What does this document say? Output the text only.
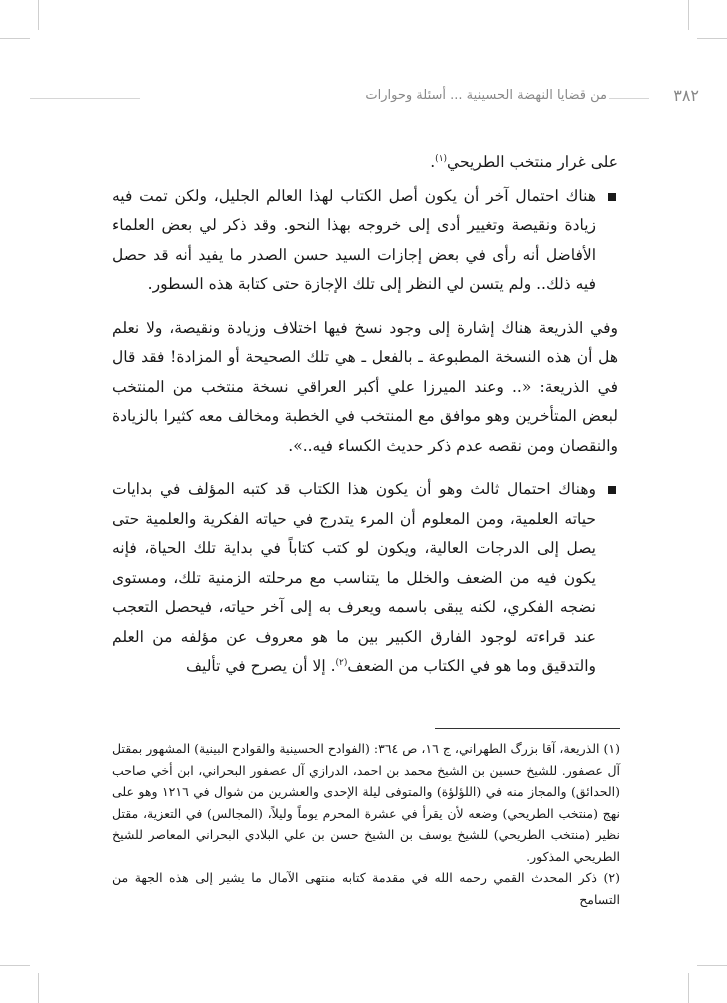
من قضايا النهضة الحسينية ... أسئلة وحوارات	٣٨٢

على غرار منتخب الطريحي$^{(١)}$.

هناك احتمال آخر أن يكون أصل الكتاب لهذا العالم الجليل، ولكن تمت فيه زيادة ونقيصة وتغيير أدى إلى خروجه بهذا النحو. وقد ذكر لي بعض العلماء الأفاضل أنه رأى في بعض إجازات السيد حسن الصدر ما يفيد أنه قد حصل فيه ذلك.. ولم يتسن لي النظر إلى تلك الإجازة حتى كتابة هذه السطور.

وفي الذريعة هناك إشارة إلى وجود نسخ فيها اختلاف وزيادة ونقيصة، ولا نعلم هل أن هذه النسخة المطبوعة ـ بالفعل ـ هي تلك الصحيحة أو المزادة! فقد قال في الذريعة: «.. وعند الميرزا علي أكبر العراقي نسخة منتخب من المنتخب لبعض المتأخرين وهو موافق مع المنتخب في الخطبة ومخالف معه كثيرا بالزيادة والنقصان ومن نقصه عدم ذكر حديث الكساء فيه..».

وهناك احتمال ثالث وهو أن يكون هذا الكتاب قد كتبه المؤلف في بدايات حياته العلمية، ومن المعلوم أن المرء يتدرج في حياته الفكرية والعلمية حتى يصل إلى الدرجات العالية، ويكون لو كتب كتاباً في بداية تلك الحياة، فإنه يكون فيه من الضعف والخلل ما يتناسب مع مرحلته الزمنية تلك، ومستوى نضجه الفكري، لكنه يبقى باسمه ويعرف به إلى آخر حياته، فيحصل التعجب عند قراءته لوجود الفارق الكبير بين ما هو معروف عن مؤلفه من العلم والتدقيق وما هو في الكتاب من الضعف$^{(٢)}$. إلا أن يصرح في تأليف

(١) الذريعة، آقا بزرگ الطهراني، ج ١٦، ص ٣٦٤: (الفوادح الحسينية والقوادح البينية) المشهور بمقتل آل عصفور. للشيخ حسين بن الشيخ محمد بن احمد، الدرازي آل عصفور البحراني، ابن أخي صاحب (الحدائق) والمجاز منه في (اللؤلؤة) والمتوفى ليلة الإحدى والعشرين من شوال في ١٢١٦ وهو على نهج (منتخب الطريحي) وضعه لأن يقرأ في عشرة المحرم يوماً وليلاً، (المجالس) في التعزية، مقتل نظير (منتخب الطريحي) للشيخ يوسف بن الشيخ حسن بن علي البلادي البحراني المعاصر للشيخ الطريحي المذكور.

(٢) ذكر المحدث القمي رحمه الله في مقدمة كتابه منتهى الآمال ما يشير إلى هذه الجهة من التسامح
